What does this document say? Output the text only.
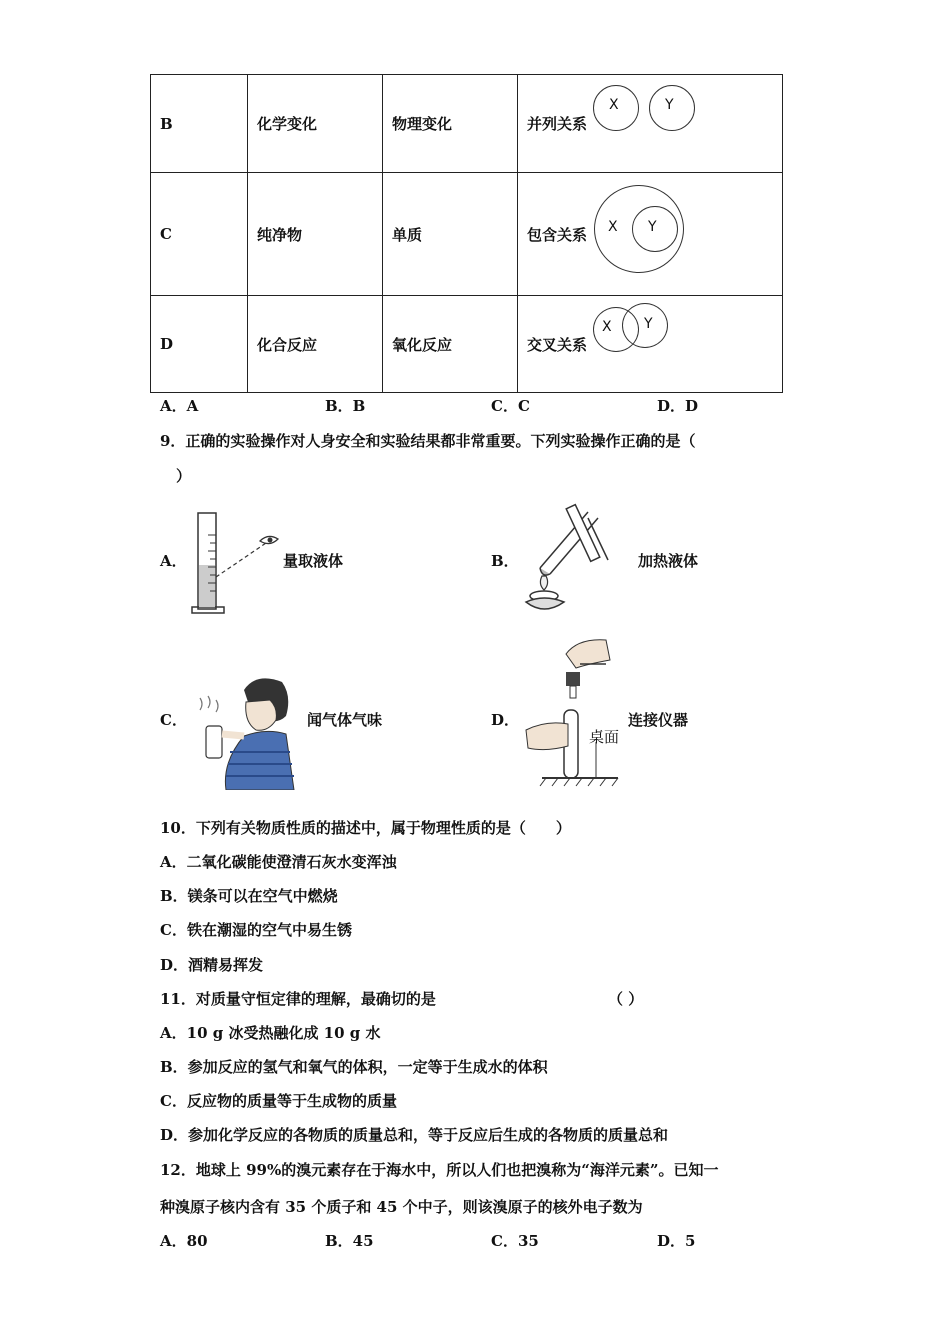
B	化学变化	物理变化	并列关系
C	纯净物	单质	包含关系
D	化合反应	氧化反应	交叉关系
X	Y
X Y
X Y
A．A	B．B	C．C	D．D
9．正确的实验操作对人身安全和实验结果都非常重要。下列实验操作正确的是（
）
A．	量取液体	B．	加热液体
C．	闻气体气味	D．
桌面
连接仪器
10．下列有关物质性质的描述中，属于物理性质的是（　　）
A．二氧化碳能使澄清石灰水变浑浊
B．镁条可以在空气中燃烧
C．铁在潮湿的空气中易生锈
D．酒精易挥发
11．对质量守恒定律的理解，最确切的是	（ ）
A．10 g 冰受热融化成 10 g 水
B．参加反应的氢气和氧气的体积，一定等于生成水的体积
C．反应物的质量等于生成物的质量
D．参加化学反应的各物质的质量总和，等于反应后生成的各物质的质量总和
12．地球上 99%的溴元素存在于海水中，所以人们也把溴称为“海洋元素”。已知一
种溴原子核内含有 35 个质子和 45 个中子，则该溴原子的核外电子数为
A．80	B．45	C．35	D．5
